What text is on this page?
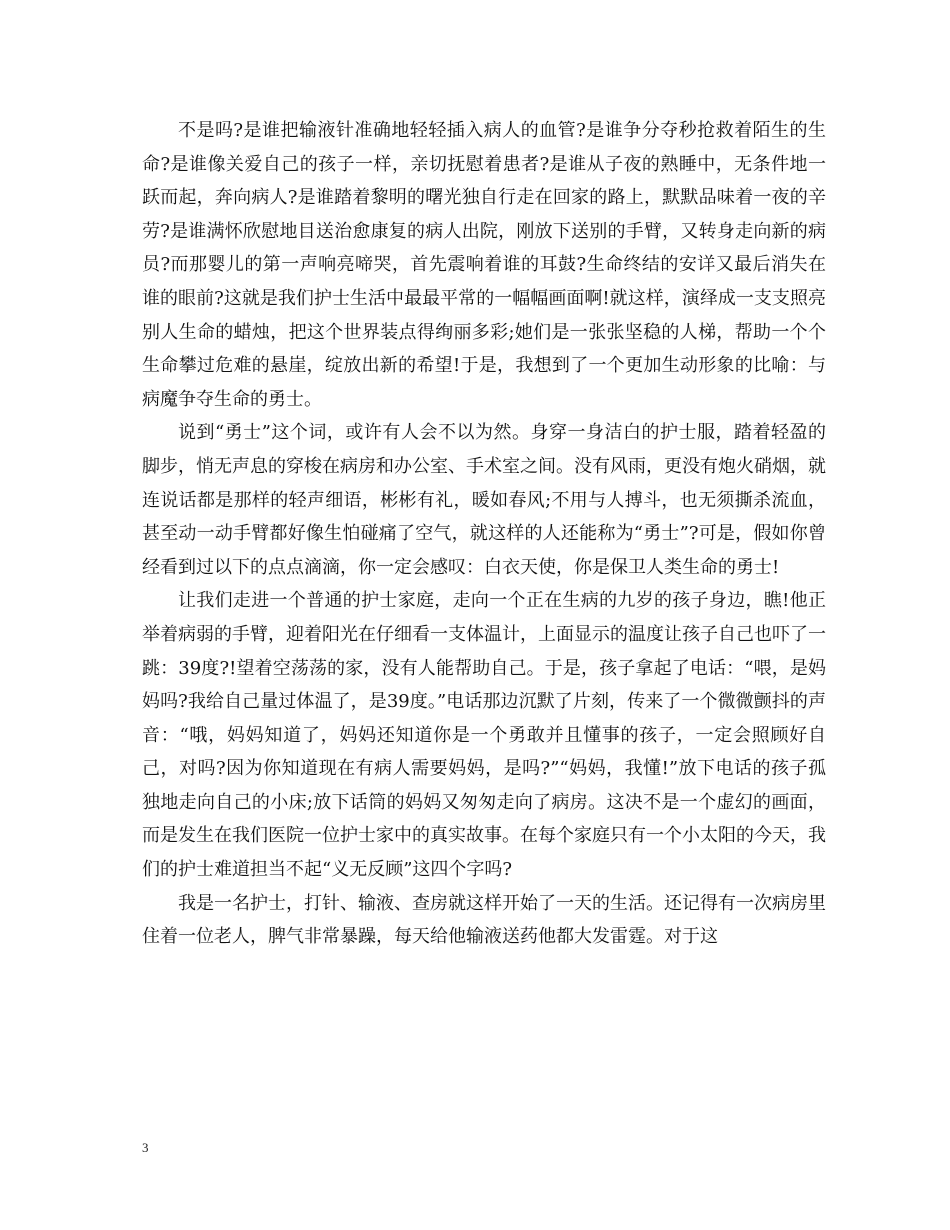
不是吗?是谁把输液针准确地轻轻插入病人的血管?是谁争分夺秒抢救着陌生的生命?是谁像关爱自己的孩子一样，亲切抚慰着患者?是谁从子夜的熟睡中，无条件地一跃而起，奔向病人?是谁踏着黎明的曙光独自行走在回家的路上，默默品味着一夜的辛劳?是谁满怀欣慰地目送治愈康复的病人出院，刚放下送别的手臂，又转身走向新的病员?而那婴儿的第一声响亮啼哭，首先震响着谁的耳鼓?生命终结的安详又最后消失在谁的眼前?这就是我们护士生活中最最平常的一幅幅画面啊!就这样，演绎成一支支照亮别人生命的蜡烛，把这个世界装点得绚丽多彩;她们是一张张坚稳的人梯，帮助一个个生命攀过危难的悬崖，绽放出新的希望!于是，我想到了一个更加生动形象的比喻：与病魔争夺生命的勇士。

说到“勇士”这个词，或许有人会不以为然。身穿一身洁白的护士服，踏着轻盈的脚步，悄无声息的穿梭在病房和办公室、手术室之间。没有风雨，更没有炮火硝烟，就连说话都是那样的轻声细语，彬彬有礼，暖如春风;不用与人搏斗，也无须撕杀流血，甚至动一动手臂都好像生怕碰痛了空气，就这样的人还能称为“勇士”?可是，假如你曾经看到过以下的点点滴滴，你一定会感叹：白衣天使，你是保卫人类生命的勇士!

让我们走进一个普通的护士家庭，走向一个正在生病的九岁的孩子身边，瞧!他正举着病弱的手臂，迎着阳光在仔细看一支体温计，上面显示的温度让孩子自己也吓了一跳：39度?!望着空荡荡的家，没有人能帮助自己。于是，孩子拿起了电话：“喂，是妈妈吗?我给自己量过体温了，是39度。”电话那边沉默了片刻，传来了一个微微颤抖的声音：“哦，妈妈知道了，妈妈还知道你是一个勇敢并且懂事的孩子，一定会照顾好自己，对吗?因为你知道现在有病人需要妈妈，是吗?”“妈妈，我懂!”放下电话的孩子孤独地走向自己的小床;放下话筒的妈妈又匆匆走向了病房。这决不是一个虚幻的画面，而是发生在我们医院一位护士家中的真实故事。在每个家庭只有一个小太阳的今天，我们的护士难道担当不起“义无反顾”这四个字吗?

我是一名护士，打针、输液、查房就这样开始了一天的生活。还记得有一次病房里住着一位老人，脾气非常暴躁，每天给他输液送药他都大发雷霆。对于这

3
